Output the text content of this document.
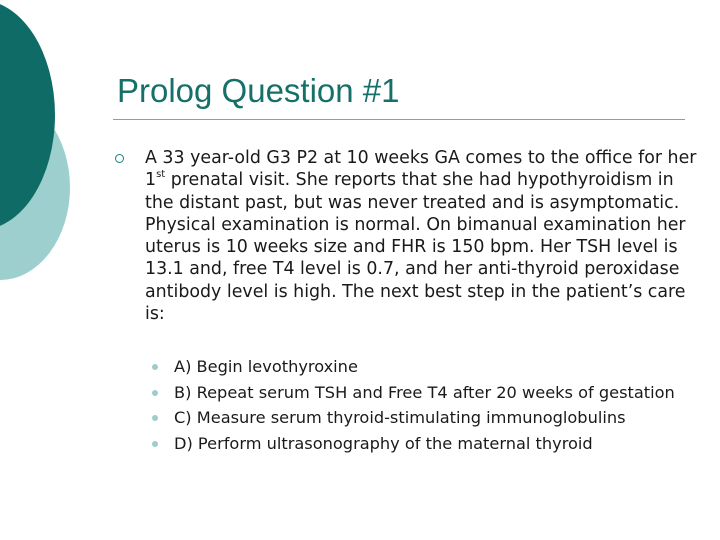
Prolog Question #1
A 33 year-old G3 P2 at 10 weeks GA comes to the office for her 1st prenatal visit. She reports that she had hypothyroidism in the distant past, but was never treated and is asymptomatic. Physical examination is normal. On bimanual examination her uterus is 10 weeks size and FHR is 150 bpm. Her TSH level is 13.1 and, free T4 level is 0.7, and her anti-thyroid peroxidase antibody level is high. The next best step in the patient’s care is:
A) Begin levothyroxine
B) Repeat serum TSH and Free T4 after 20 weeks of gestation
C) Measure serum thyroid-stimulating immunoglobulins
D) Perform ultrasonography of the maternal thyroid
